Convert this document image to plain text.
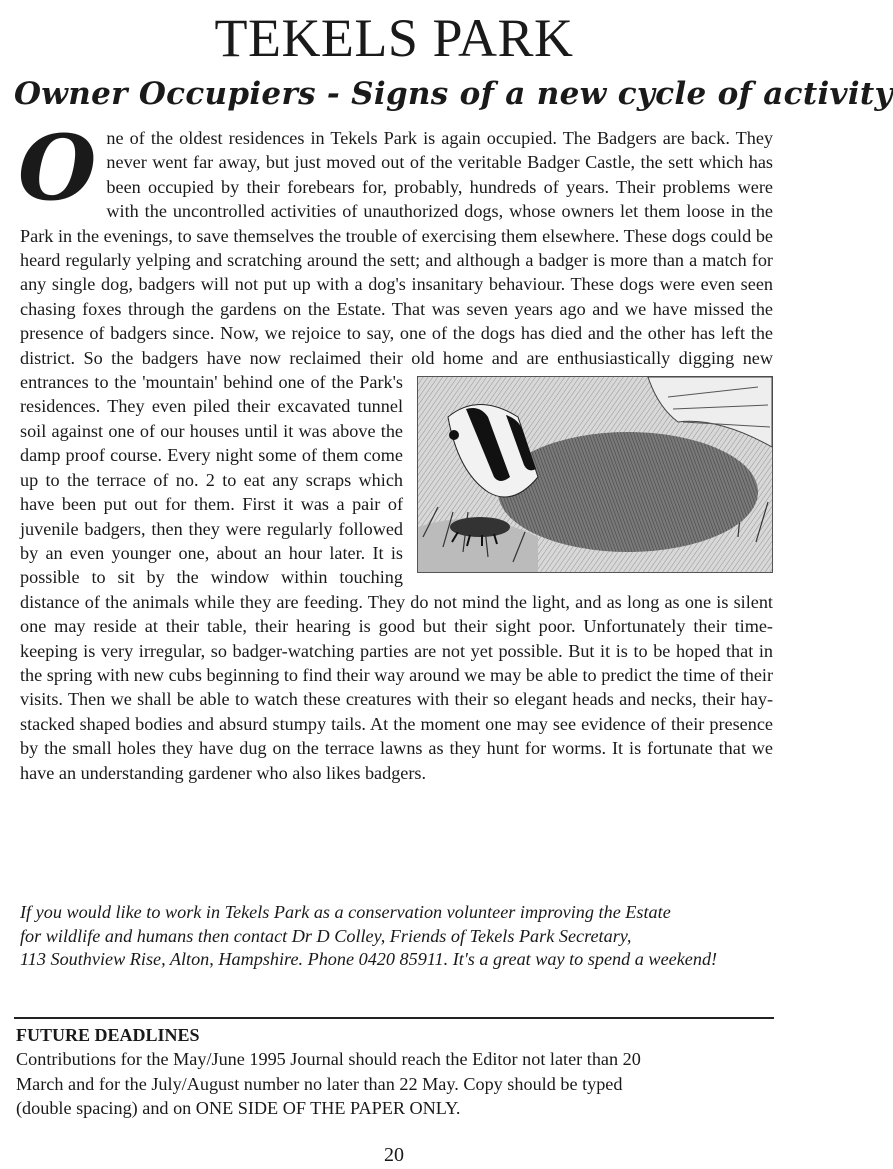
TEKELS PARK
Owner Occupiers - Signs of a new cycle of activity
O ne of the oldest residences in Tekels Park is again occupied. The Badgers are back. They never went far away, but just moved out of the veritable Badger Castle, the sett which has been occupied by their forebears for, probably, hundreds of years. Their problems were with the uncontrolled activities of unauthorized dogs, whose owners let them loose in the Park in the evenings, to save themselves the trouble of exercising them elsewhere. These dogs could be heard regularly yelping and scratching around the sett; and although a badger is more than a match for any single dog, badgers will not put up with a dog's insanitary behaviour. These dogs were even seen chasing foxes through the gardens on the Estate. That was seven years ago and we have missed the presence of badgers since. Now, we rejoice to say, one of the dogs has died and the other has left the district. So the badgers have now reclaimed their old home and are enthusiastically digging new entrances to the 'mountain' behind one of the Park's residences. They even piled their excavated tunnel soil against one of our houses until it was above the damp proof course. Every night some of them come up to the terrace of no. 2 to eat any scraps which have been put out for them. First it was a pair of juvenile badgers, then they were regularly followed by an even younger one, about an hour later. It is possible to sit by the window within touching distance of the animals while they are feeding. They do not mind the light, and as long as one is silent one may reside at their table, their hearing is good but their sight poor. Unfortunately their time-keeping is very irregular, so badger-watching parties are not yet possible. But it is to be hoped that in the spring with new cubs beginning to find their way around we may be able to predict the time of their visits. Then we shall be able to watch these creatures with their so elegant heads and necks, their hay-stacked shaped bodies and absurd stumpy tails. At the moment one may see evidence of their presence by the small holes they have dug on the terrace lawns as they hunt for worms. It is fortunate that we have an understanding gardener who also likes badgers.

If you would like to work in Tekels Park as a conservation volunteer improving the Estate
for wildlife and humans then contact Dr D Colley, Friends of Tekels Park Secretary,
113 Southview Rise, Alton, Hampshire. Phone 0420 85911. It's a great way to spend a weekend!
FUTURE DEADLINES
Contributions for the May/June 1995 Journal should reach the Editor not later than 20
March and for the July/August number no later than 22 May. Copy should be typed
(double spacing) and on ONE SIDE OF THE PAPER ONLY.
20
